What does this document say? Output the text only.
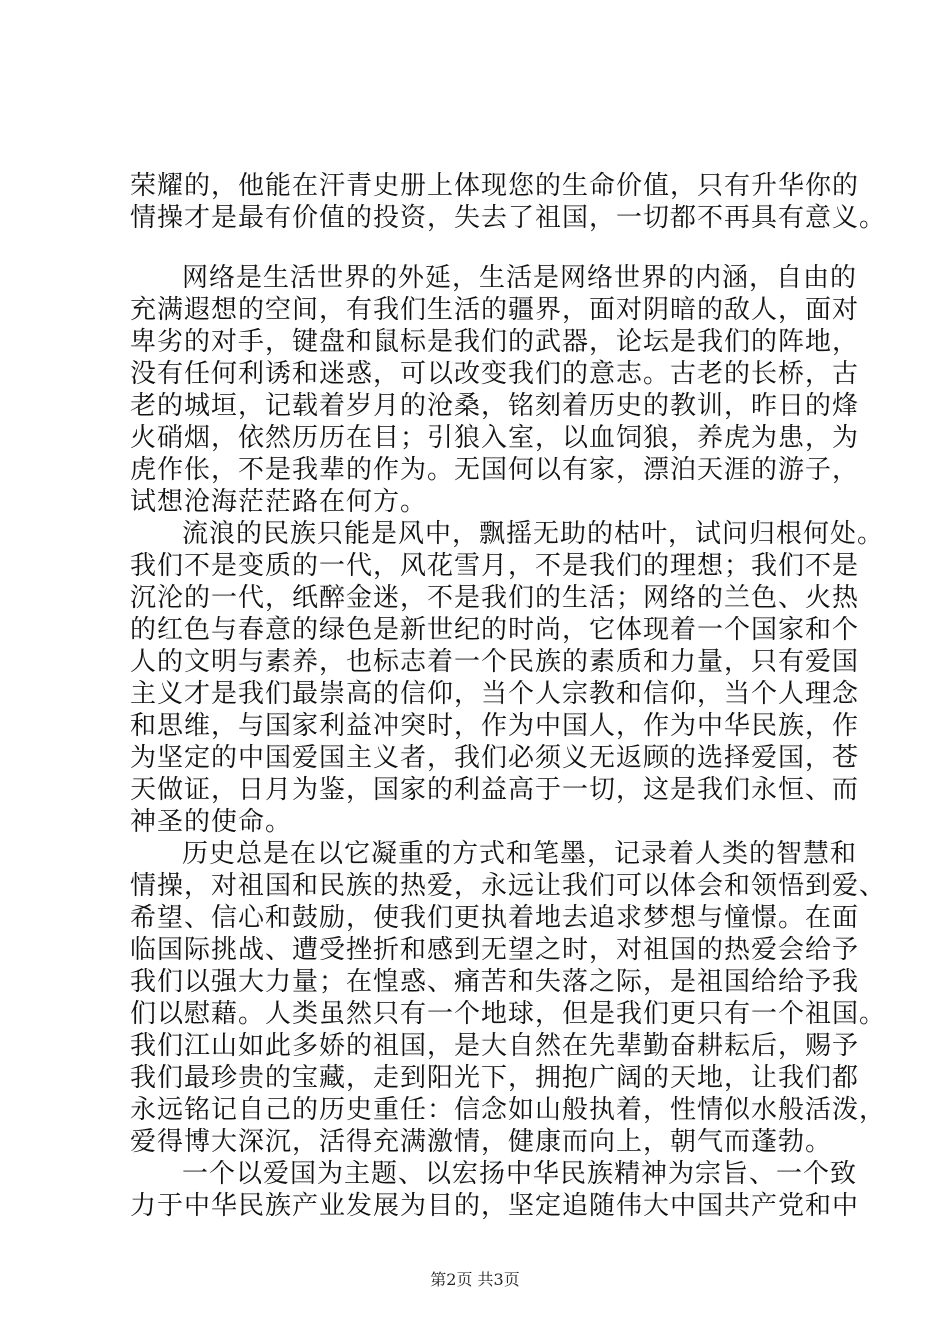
荣耀的，他能在汗青史册上体现您的生命价值，只有升华你的
情操才是最有价值的投资，失去了祖国，一切都不再具有意义。
网络是生活世界的外延，生活是网络世界的内涵，自由的
充满遐想的空间，有我们生活的疆界，面对阴暗的敌人，面对
卑劣的对手，键盘和鼠标是我们的武器，论坛是我们的阵地，
没有任何利诱和迷惑，可以改变我们的意志。古老的长桥，古
老的城垣，记载着岁月的沧桑，铭刻着历史的教训，昨日的烽
火硝烟，依然历历在目；引狼入室，以血饲狼，养虎为患，为
虎作伥，不是我辈的作为。无国何以有家，漂泊天涯的游子，
试想沧海茫茫路在何方。
流浪的民族只能是风中，飘摇无助的枯叶，试问归根何处。
我们不是变质的一代，风花雪月，不是我们的理想；我们不是
沉沦的一代，纸醉金迷，不是我们的生活；网络的兰色、火热
的红色与春意的绿色是新世纪的时尚，它体现着一个国家和个
人的文明与素养，也标志着一个民族的素质和力量，只有爱国
主义才是我们最崇高的信仰，当个人宗教和信仰，当个人理念
和思维，与国家利益冲突时，作为中国人，作为中华民族，作
为坚定的中国爱国主义者，我们必须义无返顾的选择爱国，苍
天做证，日月为鉴，国家的利益高于一切，这是我们永恒、而
神圣的使命。
历史总是在以它凝重的方式和笔墨，记录着人类的智慧和
情操，对祖国和民族的热爱，永远让我们可以体会和领悟到爱、
希望、信心和鼓励，使我们更执着地去追求梦想与憧憬。在面
临国际挑战、遭受挫折和感到无望之时，对祖国的热爱会给予
我们以强大力量；在惶惑、痛苦和失落之际，是祖国给给予我
们以慰藉。人类虽然只有一个地球，但是我们更只有一个祖国。
我们江山如此多娇的祖国，是大自然在先辈勤奋耕耘后，赐予
我们最珍贵的宝藏，走到阳光下，拥抱广阔的天地，让我们都
永远铭记自己的历史重任：信念如山般执着，性情似水般活泼，
爱得博大深沉，活得充满激情，健康而向上，朝气而蓬勃。
一个以爱国为主题、以宏扬中华民族精神为宗旨、一个致
力于中华民族产业发展为目的，坚定追随伟大中国共产党和中
第2页 共3页
